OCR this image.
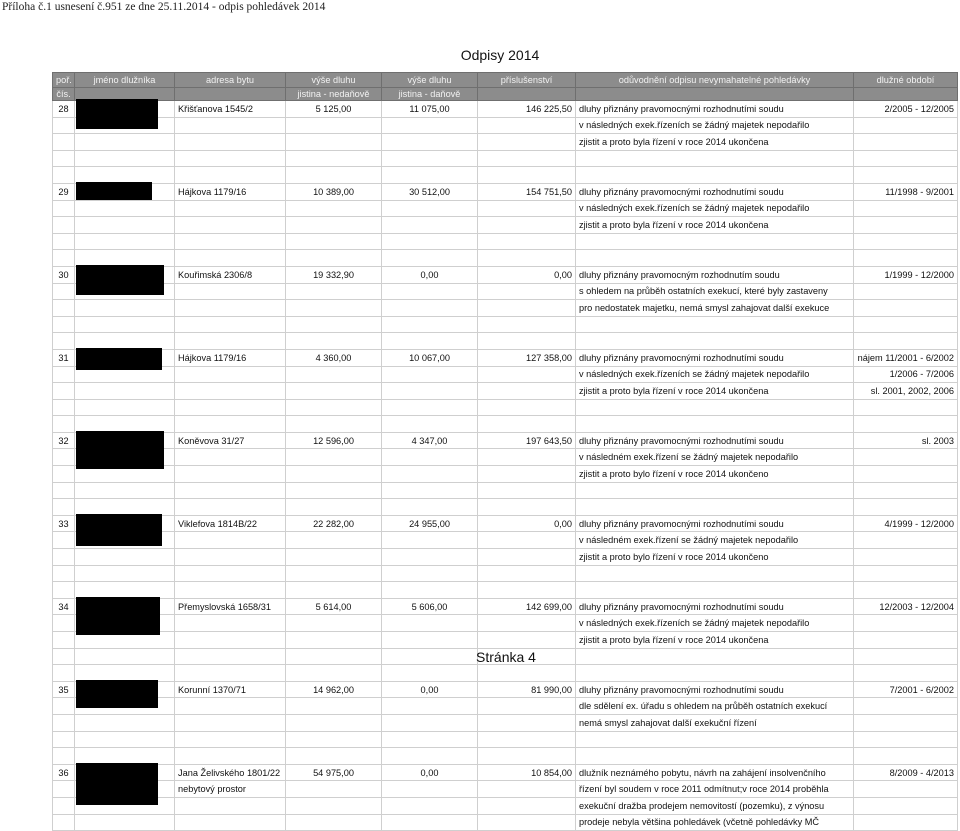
Příloha č.1 usnesení č.951 ze dne 25.11.2014 - odpis pohledávek 2014
Odpisy 2014
poř.	jméno dlužníka	adresa bytu	výše dluhu	výše dluhu	příslušenství	odůvodnění odpisu nevymahatelné pohledávky	dlužné období
čís.			jistina - nedaňově	jistina - daňově			
28		Křišťanova 1545/2	5 125,00	11 075,00	146 225,50	dluhy přiznány pravomocnými rozhodnutími soudu	2/2005 - 12/2005
						v následných exek.řízeních se žádný majetek nepodařilo	
						zjistit a proto byla řízení v roce 2014 ukončena	

29		Hájkova 1179/16	10 389,00	30 512,00	154 751,50	dluhy přiznány pravomocnými rozhodnutími soudu	11/1998 - 9/2001
						v následných exek.řízeních se žádný majetek nepodařilo	
						zjistit a proto byla řízení v roce 2014 ukončena	

30		Kouřimská 2306/8	19 332,90	0,00	0,00	dluhy přiznány pravomocným rozhodnutím soudu	1/1999 - 12/2000
						s ohledem na průběh ostatních exekucí, které byly zastaveny	
						pro nedostatek majetku, nemá smysl zahajovat další exekuce	

31		Hájkova 1179/16	4 360,00	10 067,00	127 358,00	dluhy přiznány pravomocnými rozhodnutími soudu	nájem 11/2001 - 6/2002
						v následných exek.řízeních se žádný majetek nepodařilo	1/2006 - 7/2006
						zjistit a proto byla řízení v roce 2014 ukončena	sl. 2001, 2002, 2006

32		Koněvova 31/27	12 596,00	4 347,00	197 643,50	dluhy přiznány pravomocnými rozhodnutími soudu	sl. 2003
						v následném exek.řízení se žádný majetek nepodařilo	
						zjistit a proto bylo řízení v roce 2014 ukončeno	

33		Viklefova 1814B/22	22 282,00	24 955,00	0,00	dluhy přiznány pravomocnými rozhodnutími soudu	4/1999 - 12/2000
						v následném exek.řízení se žádný majetek nepodařilo	
						zjistit a proto bylo řízení v roce 2014 ukončeno	

34		Přemyslovská 1658/31	5 614,00	5 606,00	142 699,00	dluhy přiznány pravomocnými rozhodnutími soudu	12/2003 - 12/2004
						v následných exek.řízeních se žádný majetek nepodařilo	
						zjistit a proto byla řízení v roce 2014 ukončena	

35		Korunní 1370/71	14 962,00	0,00	81 990,00	dluhy přiznány pravomocnými rozhodnutími soudu	7/2001 - 6/2002
						dle sdělení ex. úřadu s ohledem na průběh ostatních exekucí	
						nemá smysl zahajovat další exekuční řízení	

36		Jana Želivského 1801/22	54 975,00	0,00	10 854,00	dlužník neznámého pobytu, návrh na zahájení insolvenčního	8/2009 - 4/2013
		nebytový prostor				řízení byl soudem v roce 2011 odmítnut;v roce 2014 proběhla	
						exekuční dražba prodejem nemovitostí (pozemku), z výnosu	
						prodeje nebyla většina pohledávek (včetně pohledávky MČ	
Stránka 4
